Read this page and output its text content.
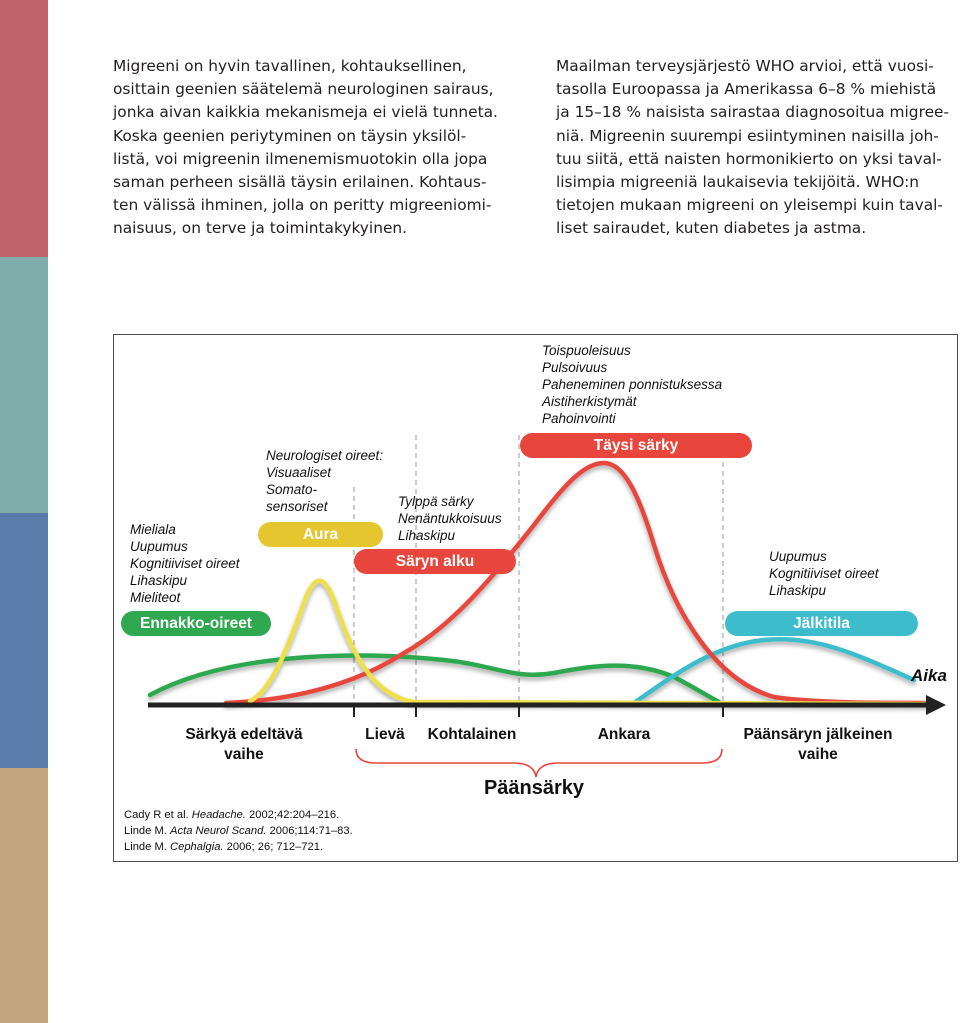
Migreeni on hyvin tavallinen, kohtauksellinen,
osittain geenien säätelemä neurologinen sairaus,
jonka aivan kaikkia mekanismeja ei vielä tunneta.
Koska geenien periytyminen on täysin yksilöl-
listä, voi migreenin ilmenemismuotokin olla jopa
saman perheen sisällä täysin erilainen. Kohtaus-
ten välissä ihminen, jolla on peritty migreeniomi-
naisuus, on terve ja toimintakykyinen.
Maailman terveysjärjestö WHO arvioi, että vuosi-
tasolla Euroopassa ja Amerikassa 6–8 % miehistä
ja 15–18 % naisista sairastaa diagnosoitua migree-
niä. Migreenin suurempi esiintyminen naisilla joh-
tuu siitä, että naisten hormonikierto on yksi taval-
lisimpia migreeniä laukaisevia tekijöitä. WHO:n
tietojen mukaan migreeni on yleisempi kuin taval-
liset sairaudet, kuten diabetes ja astma.
Mieliala
Uupumus
Kognitiiviset oireet
Lihaskipu
Mieliteot
Neurologiset oireet:
Visuaaliset
Somato-
sensoriset	Tylppä särky
Nenäntukkoisuus
Lihaskipu
Toispuoleisuus
Pulsoivuus
Paheneminen ponnistuksessa
Aistiherkistymät
Pahoinvointi
Uupumus
Kognitiiviset oireet
Lihaskipu
Ennakko-oireet
Aura
Säryn alku
Täysi särky
Jälkitila
Aika
Särkyä edeltävä
vaihe
Lievä	Kohtalainen	Ankara	Päänsäryn jälkeinen
vaihe
Päänsärky
Cady R et al. Headache. 2002;42:204–216.
Linde M. Acta Neurol Scand. 2006;114:71–83.
Linde M. Cephalgia. 2006; 26; 712–721.
